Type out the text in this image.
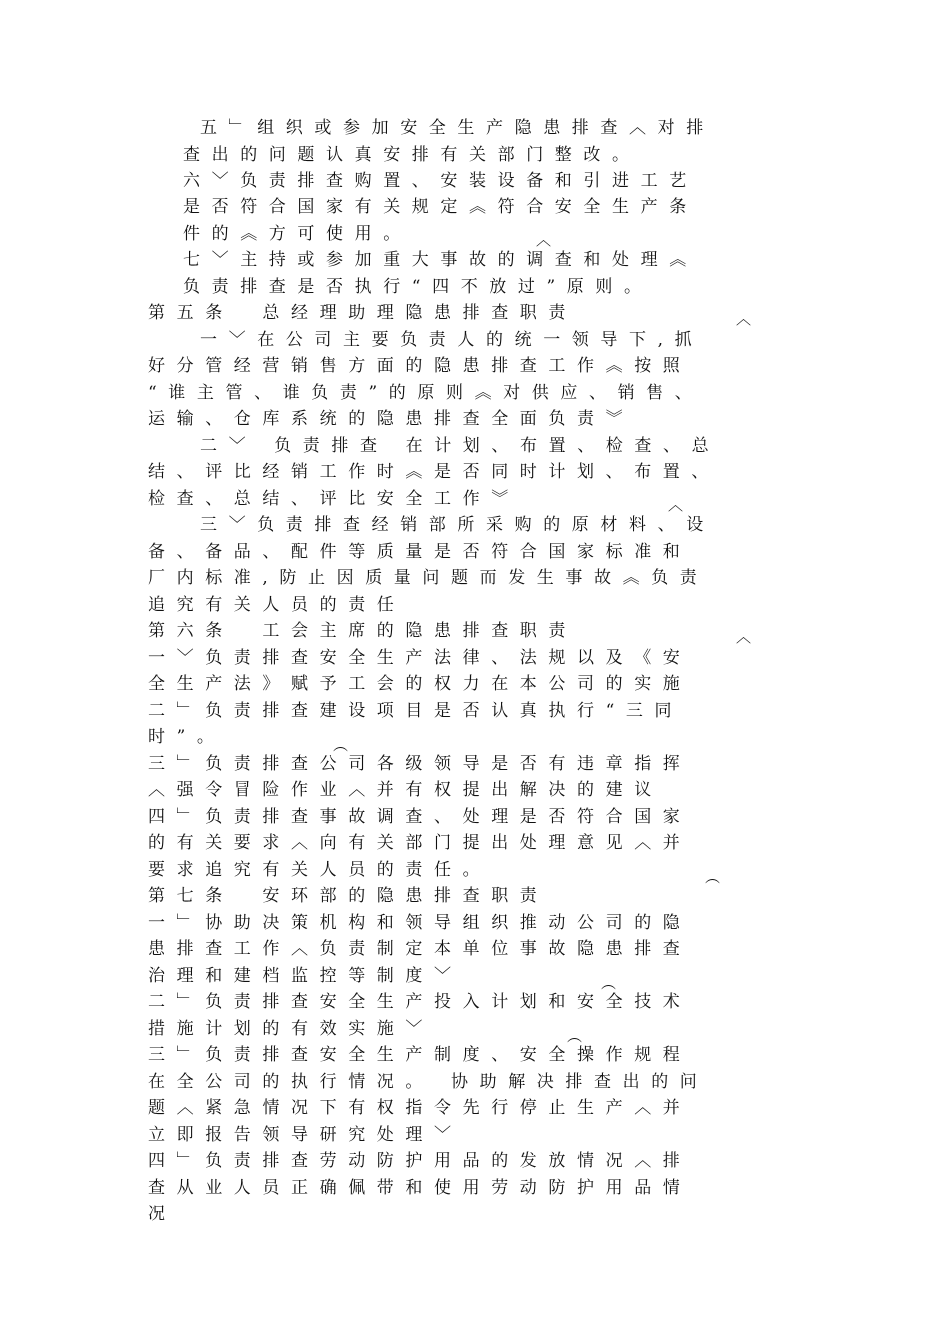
五﹂组织或参加安全生产隐患排查︿对排
查出的问题认真安排有关部门整改。
六﹀负责排查购置、安装设备和引进工艺
是否符合国家有关规定︽符合安全生产条
件的︽方可使用。
七﹀主持或参加重大事故的调查和处理︽
负责排查是否执行“四不放过”原则。
第五条　总经理助理隐患排查职责
一﹀在公司主要负责人的统一领导下,抓
好分管经营销售方面的隐患排查工作︽按照
“谁主管、谁负责”的原则︽对供应、销售、
运输、仓库系统的隐患排查全面负责︾
二﹀ 负责排查 在计划、布置、检查、总
结、评比经销工作时︽是否同时计划、布置、
检查、总结、评比安全工作︾
三﹀负责排查经销部所采购的原材料、设
备、备品、配件等质量是否符合国家标准和
厂内标准,防止因质量问题而发生事故︽负责
追究有关人员的责任
第六条　工会主席的隐患排查职责
一﹀负责排查安全生产法律、法规以及《安
全生产法》赋予工会的权力在本公司的实施
二﹂负责排查建设项目是否认真执行“三同
时”。
三﹂负责排查公司各级领导是否有违章指挥
︿强令冒险作业︿并有权提出解决的建议
四﹂负责排查事故调查、处理是否符合国家
的有关要求︿向有关部门提出处理意见︿并
要求追究有关人员的责任。
第七条　安环部的隐患排查职责
一﹂协助决策机构和领导组织推动公司的隐
患排查工作︿负责制定本单位事故隐患排查
治理和建档监控等制度﹀
二﹂负责排查安全生产投入计划和安全技术
措施计划的有效实施﹀
三﹂负责排查安全生产制度、安全操作规程
在全公司的执行情况。 协助解决排查出的问
题︿紧急情况下有权指令先行停止生产︿并
立即报告领导研究处理﹀
四﹂负责排查劳动防护用品的发放情况︿排
查从业人员正确佩带和使用劳动防护用品情
况
︿
︿
︿
︿
︵
︵
︵
︵
